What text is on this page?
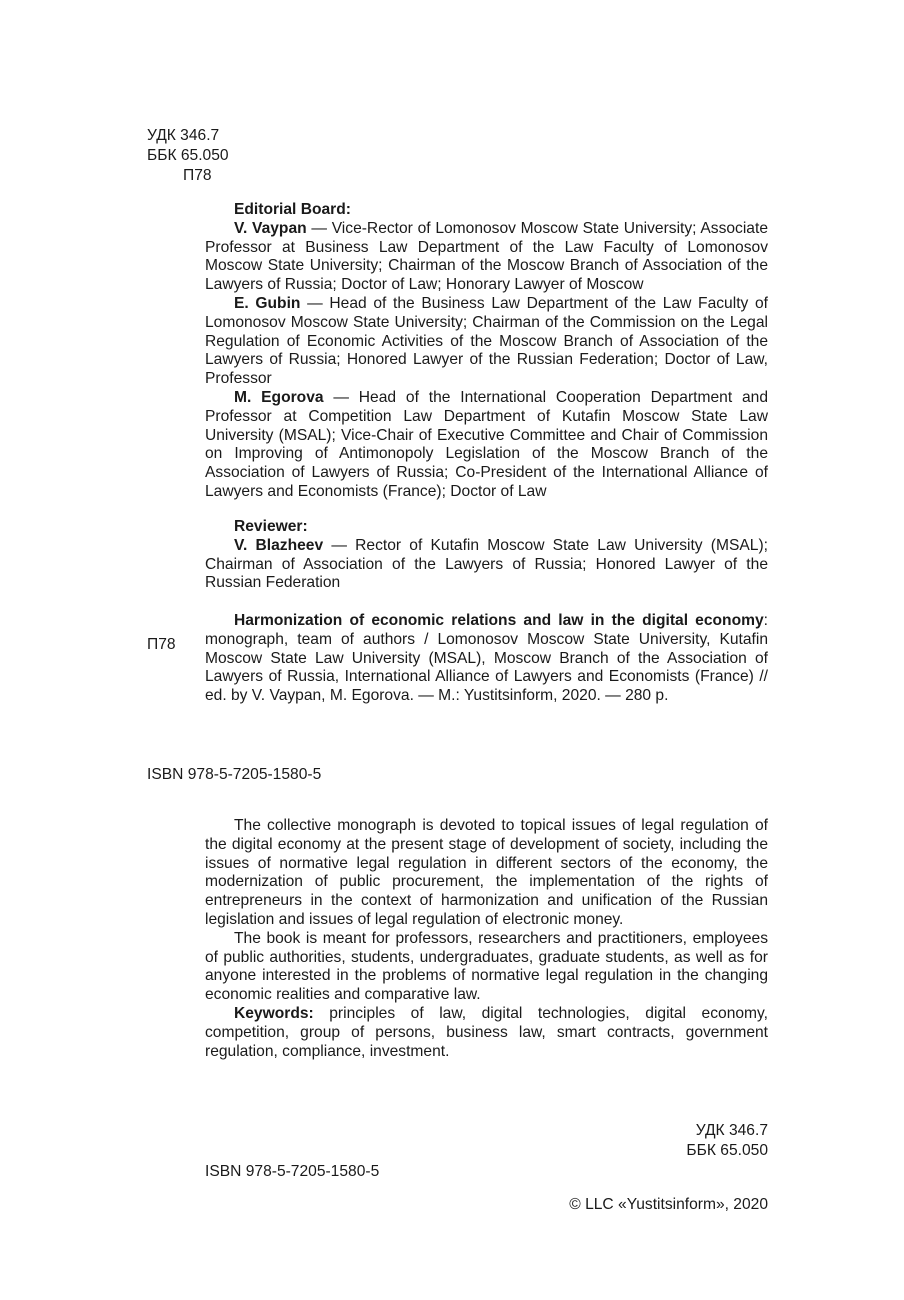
УДК 346.7
ББК 65.050
П78

Editorial Board:

V. Vaypan — Vice-Rector of Lomonosov Moscow State University; Associate Professor at Business Law Department of the Law Faculty of Lomonosov Moscow State University; Chairman of the Moscow Branch of Association of the Lawyers of Russia; Doctor of Law; Honorary Lawyer of Moscow

E. Gubin — Head of the Business Law Department of the Law Faculty of Lomonosov Moscow State University; Chairman of the Commission on the Legal Regulation of Economic Activities of the Moscow Branch of Association of the Lawyers of Russia; Honored Lawyer of the Russian Federation; Doctor of Law, Professor

M. Egorova — Head of the International Cooperation Department and Professor at Competition Law Department of Kutafin Moscow State Law University (MSAL); Vice-Chair of Executive Committee and Chair of Commission on Improving of Antimonopoly Legislation of the Moscow Branch of the Association of Lawyers of Russia; Co-President of the International Alliance of Lawyers and Economists (France); Doctor of Law

Reviewer:

V. Blazheev — Rector of Kutafin Moscow State Law University (MSAL); Chairman of Association of the Lawyers of Russia; Honored Lawyer of the Russian Federation

П78

Harmonization of economic relations and law in the digital economy: monograph, team of authors / Lomonosov Moscow State University, Kutafin Moscow State Law University (MSAL), Moscow Branch of the Association of Lawyers of Russia, International Alliance of Lawyers and Economists (France) // ed. by V. Vaypan, M. Egorova. — M.: Yustitsinform, 2020. — 280 p.

ISBN 978-5-7205-1580-5

The collective monograph is devoted to topical issues of legal regulation of the digital economy at the present stage of development of society, including the issues of normative legal regulation in different sectors of the economy, the modernization of public procurement, the implementation of the rights of entrepreneurs in the context of harmonization and unification of the Russian legislation and issues of legal regulation of electronic money.

The book is meant for professors, researchers and practitioners, employees of public authorities, students, undergraduates, graduate students, as well as for anyone interested in the problems of normative legal regulation in the changing economic realities and comparative law.

Keywords: principles of law, digital technologies, digital economy, competition, group of persons, business law, smart contracts, government regulation, compliance, investment.

УДК 346.7
ББК 65.050
ISBN 978-5-7205-1580-5
© LLC «Yustitsinform», 2020
